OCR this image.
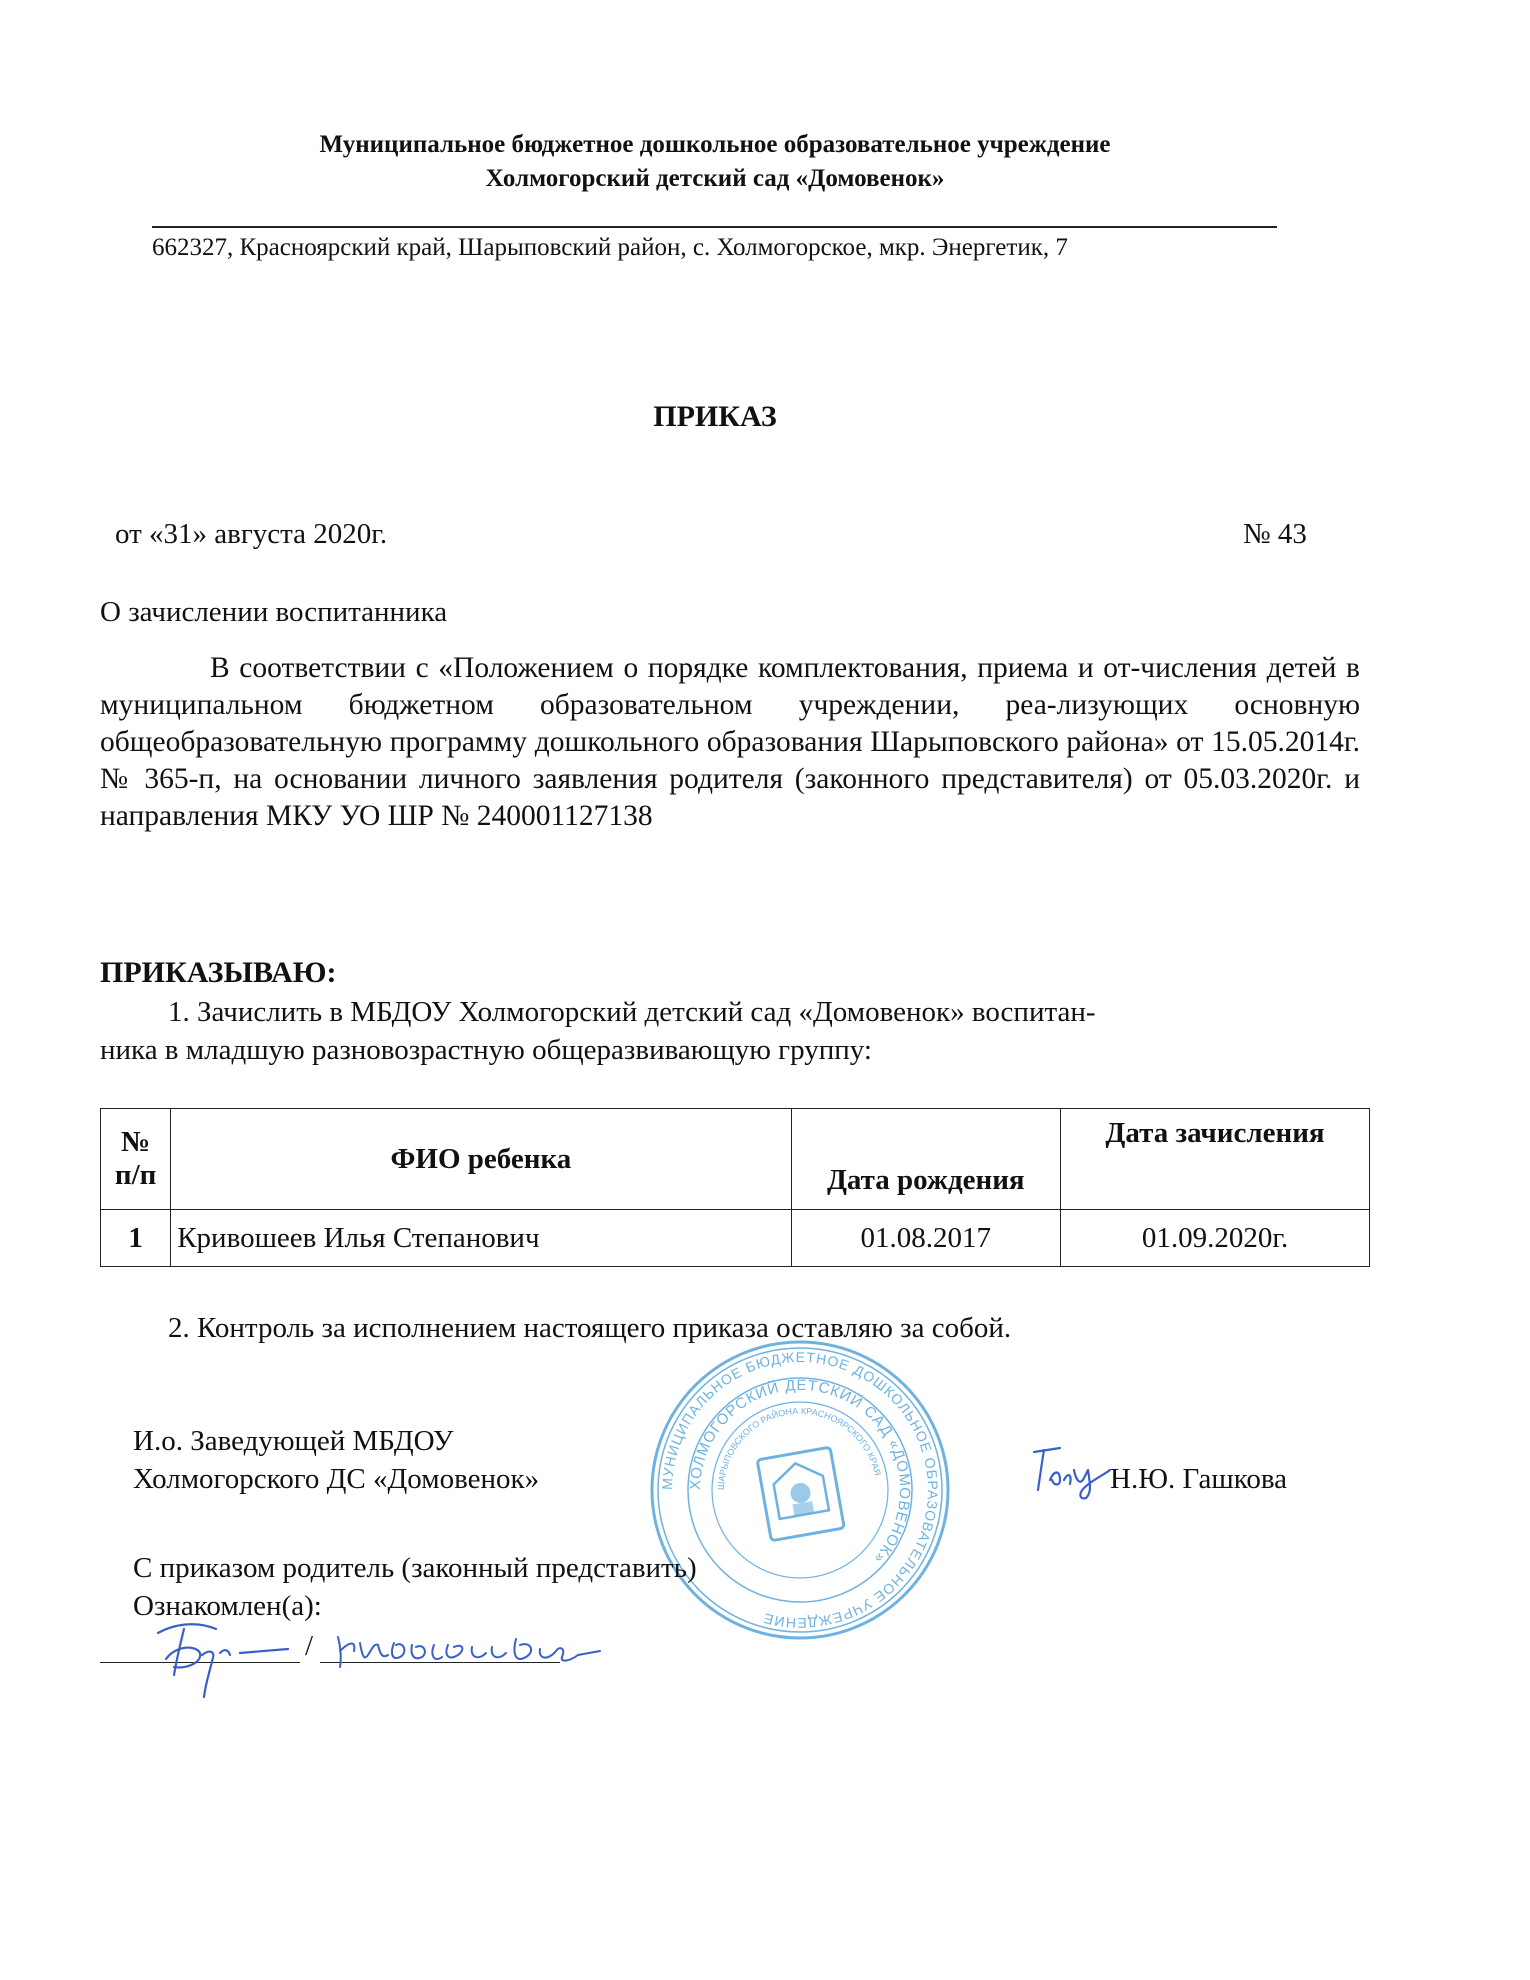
Муниципальное бюджетное дошкольное образовательное учреждение
Холмогорский детский сад «Домовенок»
662327, Красноярский край, Шарыповский район, с. Холмогорское, мкр. Энергетик, 7
ПРИКАЗ
от «31» августа 2020г.	№ 43
О зачислении воспитанника
В соответствии с «Положением о порядке комплектования, приема и от-числения детей в муниципальном бюджетном образовательном учреждении, реа-лизующих основную общеобразовательную программу дошкольного образования Шарыповского района» от 15.05.2014г. № 365-п, на основании личного заявления родителя (законного представителя) от 05.03.2020г. и направления МКУ УО ШР № 240001127138
ПРИКАЗЫВАЮ:
1. Зачислить в МБДОУ Холмогорский детский сад «Домовенок» воспитан-
ника в младшую разновозрастную общеразвивающую группу:
№
п/п	ФИО ребенка	Дата рождения	Дата зачисления
1	Кривошеев Илья Степанович	01.08.2017	01.09.2020г.
2. Контроль за исполнением настоящего приказа оставляю за собой.
МУНИЦИПАЛЬНОЕ БЮДЖЕТНОЕ ДОШКОЛЬНОЕ ОБРАЗОВАТЕЛЬНОЕ УЧРЕЖДЕНИЕ
ХОЛМОГОРСКИЙ ДЕТСКИЙ САД «ДОМОВЕНОК»
ШАРЫПОВСКОГО РАЙОНА КРАСНОЯРСКОГО КРАЯ
И.о. Заведующей МБДОУ
Холмогорского ДС «Домовенок»	Н.Ю. Гашкова
С приказом родитель (законный представить)
Ознакомлен(а):
/
